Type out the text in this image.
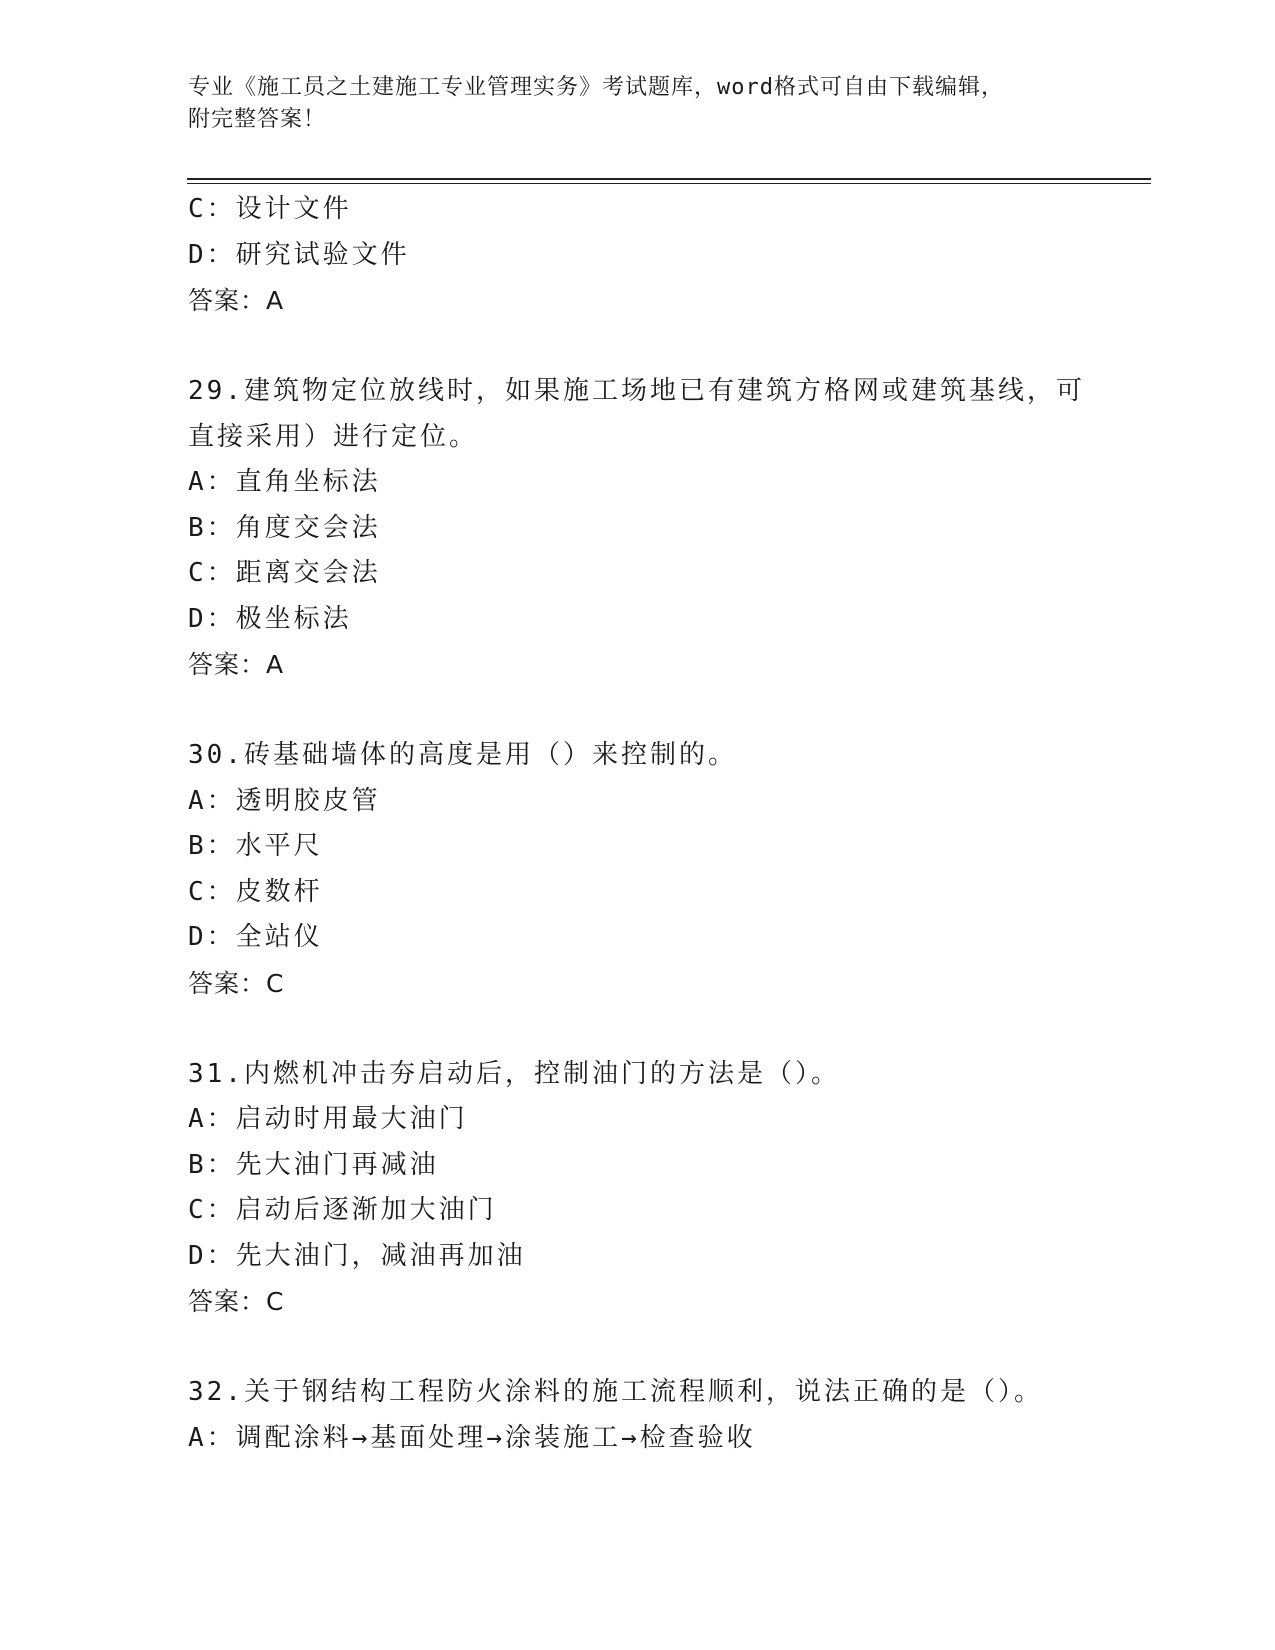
专业《施工员之土建施工专业管理实务》考试题库，word格式可自由下载编辑，
附完整答案！
C：设计文件
D：研究试验文件
答案：A
29.建筑物定位放线时，如果施工场地已有建筑方格网或建筑基线，可
直接采用）进行定位。
A：直角坐标法
B：角度交会法
C：距离交会法
D：极坐标法
答案：A
30.砖基础墙体的高度是用（）来控制的。
A：透明胶皮管
B：水平尺
C：皮数杆
D：全站仪
答案：C
31.内燃机冲击夯启动后，控制油门的方法是（）。
A：启动时用最大油门
B：先大油门再减油
C：启动后逐渐加大油门
D：先大油门，减油再加油
答案：C
32.关于钢结构工程防火涂料的施工流程顺利，说法正确的是（）。
A：调配涂料→基面处理→涂装施工→检查验收
